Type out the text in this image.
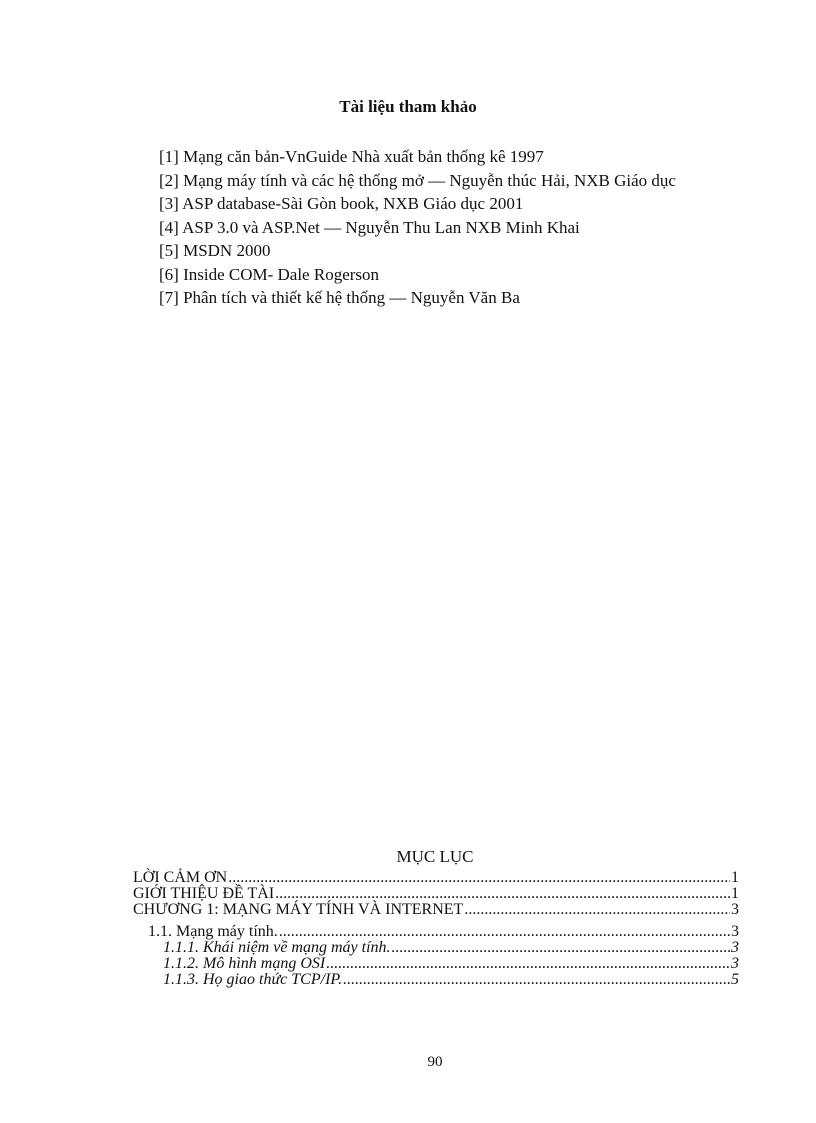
Tài liệu tham khảo
[1] Mạng căn bản-VnGuide Nhà xuất bản thống kê 1997
[2] Mạng máy tính và các hệ thống mở — Nguyễn thúc Hải, NXB Giáo dục
[3] ASP database-Sài Gòn book, NXB Giáo dục 2001
[4] ASP 3.0 và ASP.Net — Nguyễn Thu Lan NXB Minh Khai
[5] MSDN 2000
[6] Inside COM- Dale Rogerson
[7] Phân tích và thiết kế hệ thống — Nguyễn Văn Ba
MỤC LỤC
LỜI CẢM ƠN .....	1
GIỚI THIỆU ĐỀ TÀI .....	1
CHƯƠNG 1: MẠNG MÁY TÍNH VÀ INTERNET .....	3
1.1. Mạng máy tính. .....	3
1.1.1. Khái niệm về mạng máy tính. .....	3
1.1.2. Mô hình mạng OSI .....	3
1.1.3. Họ giao thức TCP/IP. .....	5
90
